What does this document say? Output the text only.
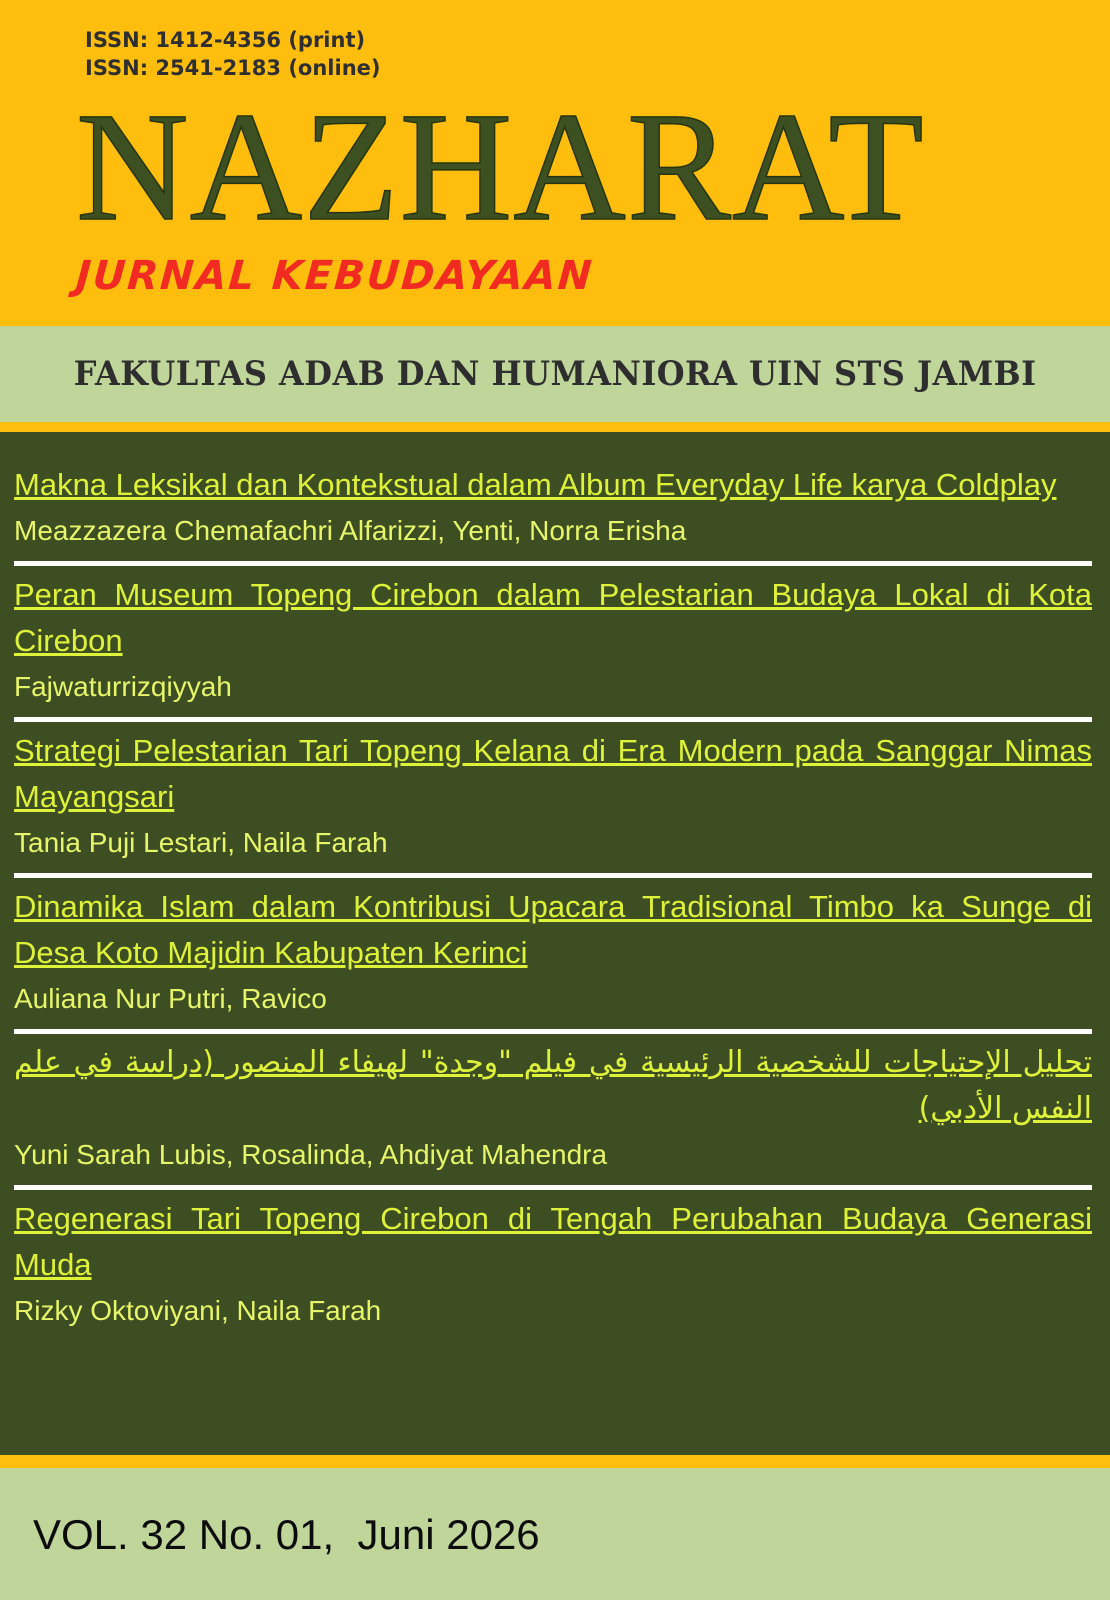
ISSN: 1412-4356 (print)
ISSN: 2541-2183 (online)
NAZHARAT
JURNAL KEBUDAYAAN
FAKULTAS ADAB DAN HUMANIORA UIN STS JAMBI
Makna Leksikal dan Kontekstual dalam Album Everyday Life karya Coldplay
Meazzazera Chemafachri Alfarizzi, Yenti, Norra Erisha
Peran Museum Topeng Cirebon dalam Pelestarian Budaya Lokal di Kota Cirebon
Fajwaturrizqiyyah
Strategi Pelestarian Tari Topeng Kelana di Era Modern pada Sanggar Nimas Mayangsari
Tania Puji Lestari, Naila Farah
Dinamika Islam dalam Kontribusi Upacara Tradisional Timbo ka Sunge di Desa Koto Majidin Kabupaten Kerinci
Auliana Nur Putri, Ravico
تحليل الإحتياجات للشخصية الرئيسية في فيلم "وجدة" لهيفاء المنصور (دراسة في علم النفس الأدبي)
Yuni Sarah Lubis, Rosalinda, Ahdiyat Mahendra
Regenerasi Tari Topeng Cirebon di Tengah Perubahan Budaya Generasi Muda
Rizky Oktoviyani, Naila Farah
VOL. 32 No. 01,  Juni 2026
